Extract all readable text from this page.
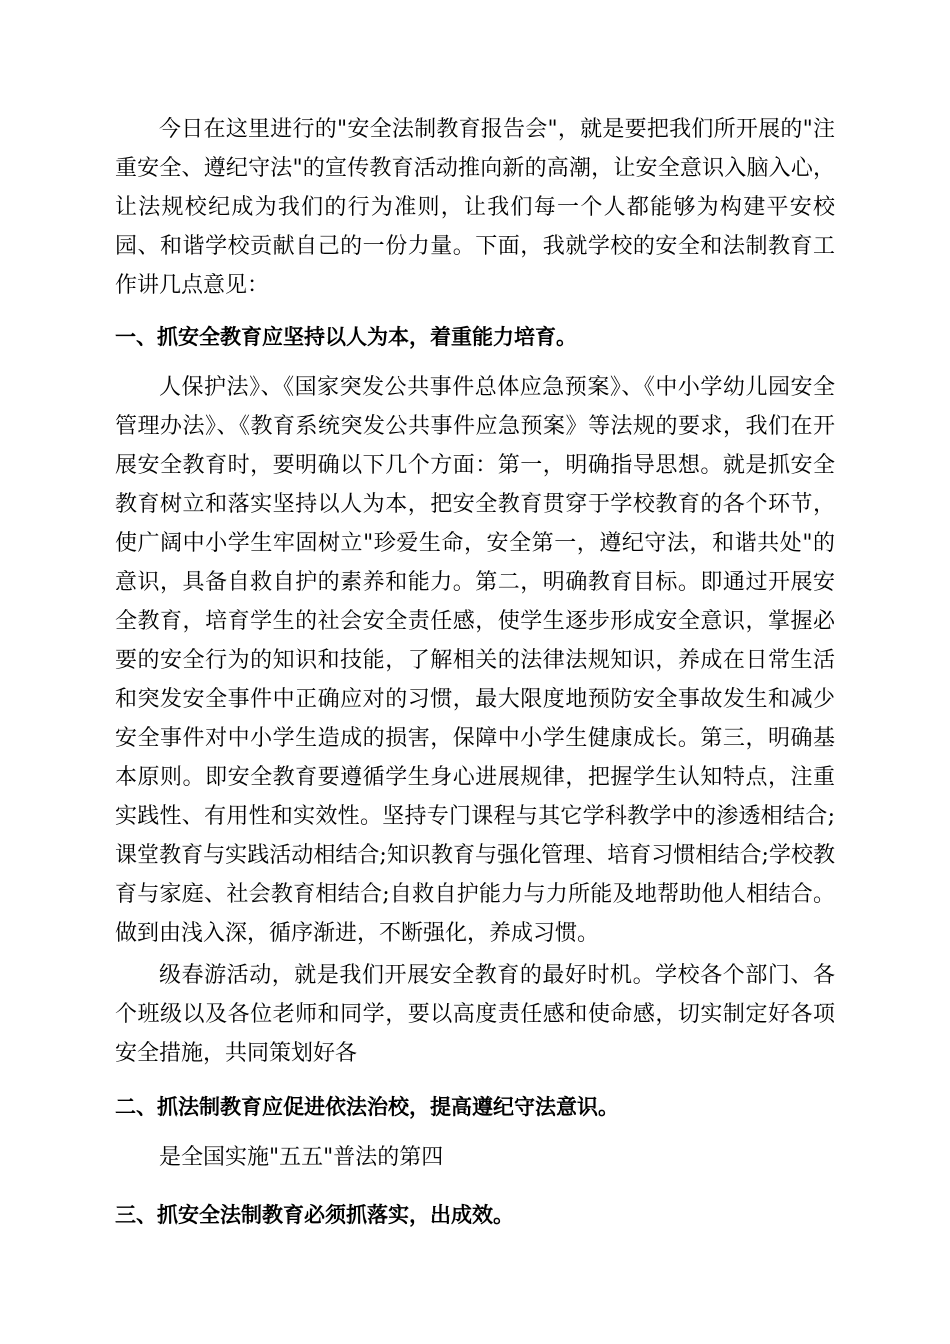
今日在这里进行的"安全法制教育报告会"，就是要把我们所开展的"注重安全、遵纪守法"的宣传教育活动推向新的高潮，让安全意识入脑入心，让法规校纪成为我们的行为准则，让我们每一个人都能够为构建平安校园、和谐学校贡献自己的一份力量。下面，我就学校的安全和法制教育工作讲几点意见：

一、抓安全教育应坚持以人为本，着重能力培育。

人保护法》、《国家突发公共事件总体应急预案》、《中小学幼儿园安全管理办法》、《教育系统突发公共事件应急预案》等法规的要求，我们在开展安全教育时，要明确以下几个方面：第一，明确指导思想。就是抓安全教育树立和落实坚持以人为本，把安全教育贯穿于学校教育的各个环节，使广阔中小学生牢固树立"珍爱生命，安全第一，遵纪守法，和谐共处"的意识，具备自救自护的素养和能力。第二，明确教育目标。即通过开展安全教育，培育学生的社会安全责任感，使学生逐步形成安全意识，掌握必要的安全行为的知识和技能，了解相关的法律法规知识，养成在日常生活和突发安全事件中正确应对的习惯，最大限度地预防安全事故发生和减少安全事件对中小学生造成的损害，保障中小学生健康成长。第三，明确基本原则。即安全教育要遵循学生身心进展规律，把握学生认知特点，注重实践性、有用性和实效性。坚持专门课程与其它学科教学中的渗透相结合;课堂教育与实践活动相结合;知识教育与强化管理、培育习惯相结合;学校教育与家庭、社会教育相结合;自救自护能力与力所能及地帮助他人相结合。做到由浅入深，循序渐进，不断强化，养成习惯。

级春游活动，就是我们开展安全教育的最好时机。学校各个部门、各个班级以及各位老师和同学，要以高度责任感和使命感，切实制定好各项安全措施，共同策划好各

二、抓法制教育应促进依法治校，提高遵纪守法意识。

是全国实施"五五"普法的第四

三、抓安全法制教育必须抓落实，出成效。
